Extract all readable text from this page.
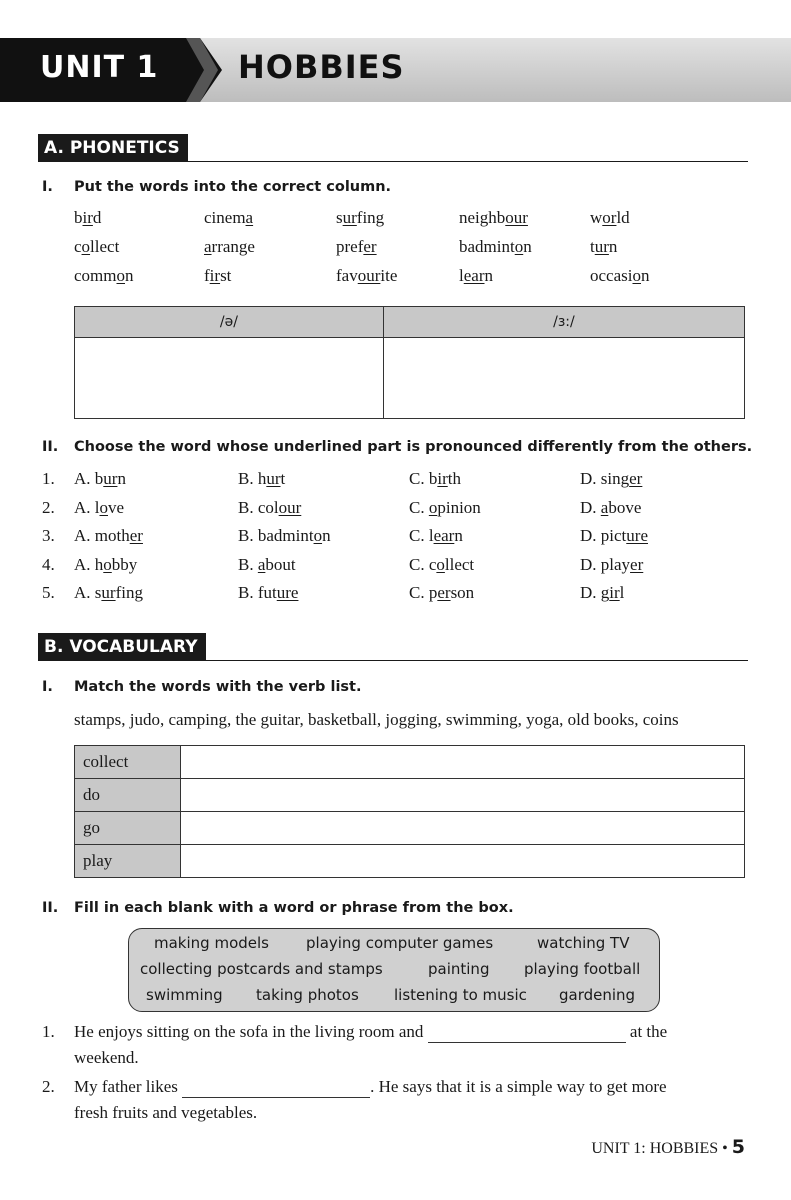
UNIT 1 HOBBIES
A. PHONETICS
I. Put the words into the correct column.
bird	cinema	surfing	neighbour	world
collect	arrange	prefer	badminton	turn
common	first	favourite	learn	occasion
/ə/	/ɜ:/

II. Choose the word whose underlined part is pronounced differently from the others.
1. A. burn	B. hurt	C. birth	D. singer
2. A. love	B. colour	C. opinion	D. above
3. A. mother	B. badminton	C. learn	D. picture
4. A. hobby	B. about	C. collect	D. player
5. A. surfing	B. future	C. person	D. girl
B. VOCABULARY
I. Match the words with the verb list.
stamps, judo, camping, the guitar, basketball, jogging, swimming, yoga, old books, coins
collect	
do	
go	
play	
II. Fill in each blank with a word or phrase from the box.
making models playing computer games	watching TV
collecting postcards and stamps	painting playing football
swimming taking photos listening to music gardening
1. He enjoys sitting on the sofa in the living room and	at the
weekend.
2. My father likes	. He says that it is a simple way to get more
fresh fruits and vegetables.
UNIT 1: HOBBIES • 5
